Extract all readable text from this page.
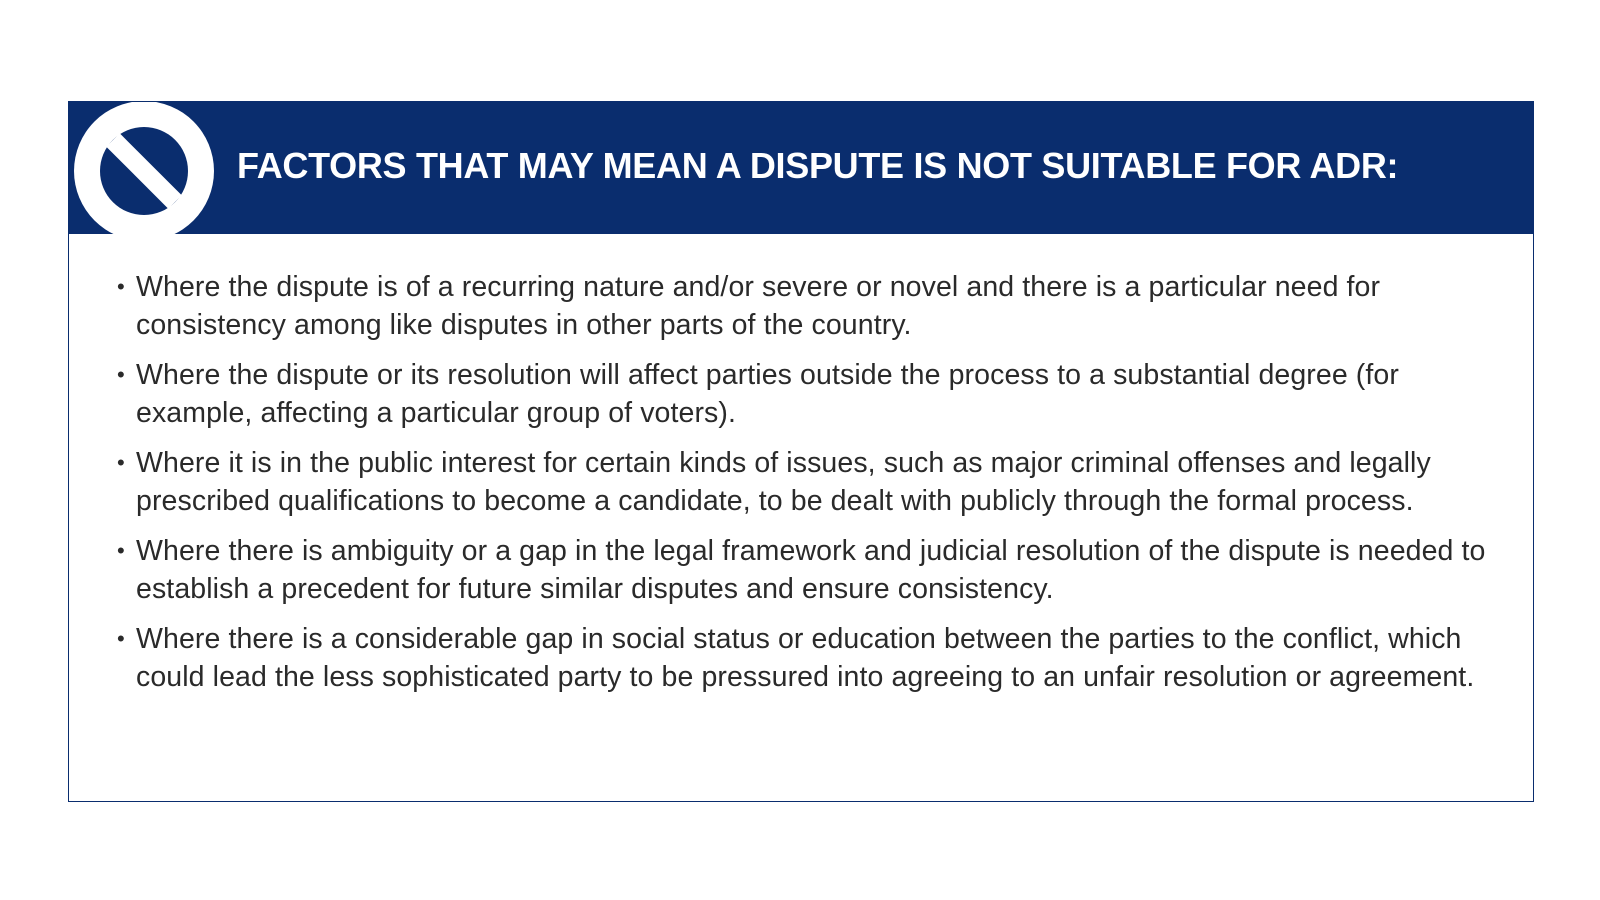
FACTORS THAT MAY MEAN A DISPUTE IS NOT SUITABLE FOR ADR:
• Where the dispute is of a recurring nature and/or severe or novel and there is a particular need for consistency among like disputes in other parts of the country.
• Where the dispute or its resolution will affect parties outside the process to a substantial degree (for example, affecting a particular group of voters).
• Where it is in the public interest for certain kinds of issues, such as major criminal offenses and legally prescribed qualifications to become a candidate, to be dealt with publicly through the formal process.
• Where there is ambiguity or a gap in the legal framework and judicial resolution of the dispute is needed to establish a precedent for future similar disputes and ensure consistency.
• Where there is a considerable gap in social status or education between the parties to the conflict, which could lead the less sophisticated party to be pressured into agreeing to an unfair resolution or agreement.
